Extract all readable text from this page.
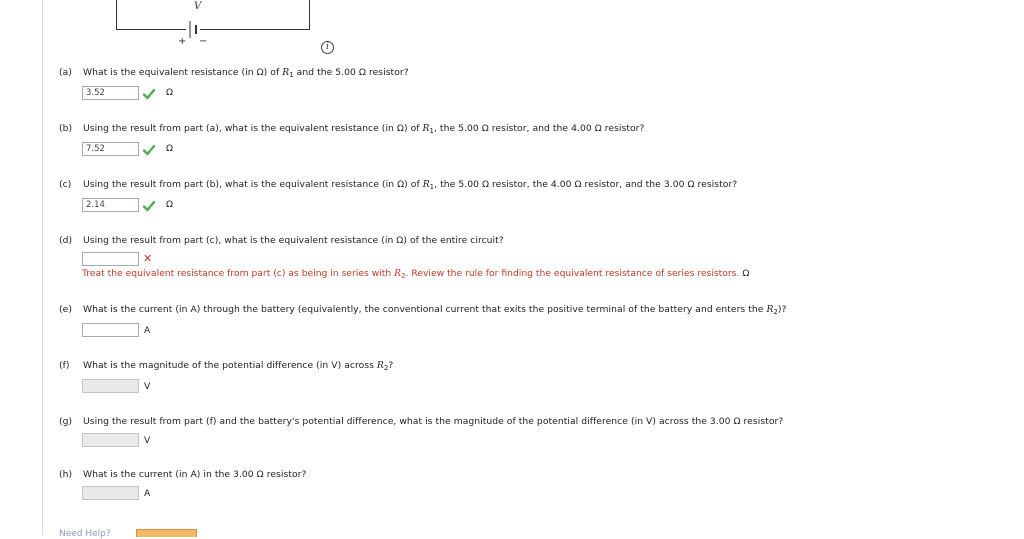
V
+ −	i
(a) What is the equivalent resistance (in Ω) of $R_1$ and the 5.00 Ω resistor?
3.52	Ω
(b) Using the result from part (a), what is the equivalent resistance (in Ω) of $R_1$, the 5.00 Ω resistor, and the 4.00 Ω resistor?
7.52	Ω
(c) Using the result from part (b), what is the equivalent resistance (in Ω) of $R_1$, the 5.00 Ω resistor, the 4.00 Ω resistor, and the 3.00 Ω resistor?
2.14	Ω
(d) Using the result from part (c), what is the equivalent resistance (in Ω) of the entire circuit?
✕
Treat the equivalent resistance from part (c) as being in series with $R_2$. Review the rule for finding the equivalent resistance of series resistors. Ω
(e) What is the current (in A) through the battery (equivalently, the conventional current that exits the positive terminal of the battery and enters the $R_2$)?
A
(f) What is the magnitude of the potential difference (in V) across $R_2$?
V
(g) Using the result from part (f) and the battery's potential difference, what is the magnitude of the potential difference (in V) across the 3.00 Ω resistor?
V
(h) What is the current (in A) in the 3.00 Ω resistor?
A
Need Help?
